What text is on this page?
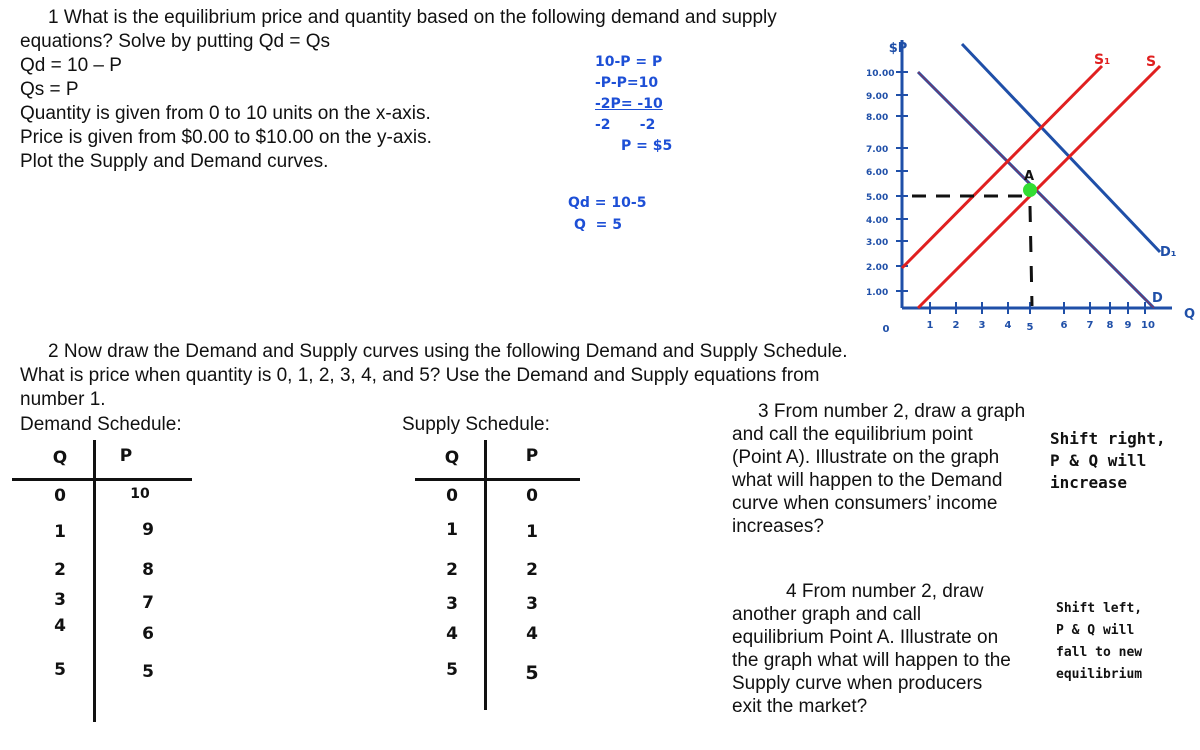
1 What is the equilibrium price and quantity based on the following demand and supply

equations? Solve by putting Qd = Qs

Qd = 10 – P

Qs = P

Quantity is given from 0 to 10 units on the x-axis.

Price is given from $0.00 to $10.00 on the y-axis.

Plot the Supply and Demand curves.

10-P = P
-P-P=10
-2P= -10
-2      -2
P = $5
Qd = 10-5
Q  = 5
$P
Q
10.00
9.00
8.00
7.00
6.00
5.00
4.00
3.00
2.00
1.00
0	1 2 3 4 5	6 7 8 9 10
S₁	S
D₁
D
A

2 Now draw the Demand and Supply curves using the following Demand and Supply Schedule.

What is price when quantity is 0, 1, 2, 3, 4, and 5? Use the Demand and Supply equations from

number 1.

Demand Schedule:
Q	P
0	10
1	9
2	8
3	7
4	6
5	5
Supply Schedule:
Q	P
0	0
1	1
2	2
3	3
4	4
5	5

3 From number 2, draw a graph

and call the equilibrium point

(Point A). Illustrate on the graph

what will happen to the Demand

curve when consumers’ income

increases?

Shift right,
P & Q will
increase

4 From number 2, draw

another graph and call

equilibrium Point A. Illustrate on

the graph what will happen to the

Supply curve when producers

exit the market?

Shift left,
P & Q will
fall to new
equilibrium
